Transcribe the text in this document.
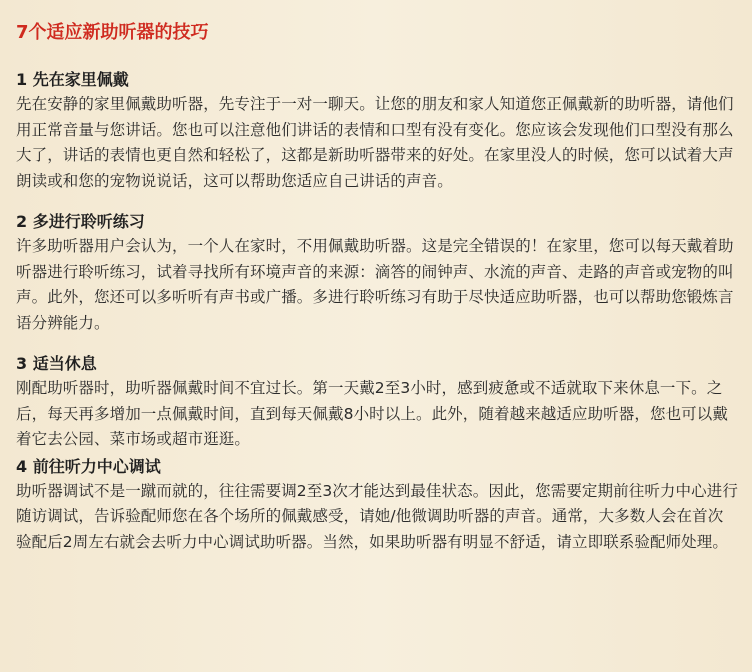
7个适应新助听器的技巧

1 先在家里佩戴

先在安静的家里佩戴助听器，先专注于一对一聊天。让您的朋友和家人知道您正佩戴新的助听器，请他们用正常音量与您讲话。您也可以注意他们讲话的表情和口型有没有变化。您应该会发现他们口型没有那么大了，讲话的表情也更自然和轻松了，这都是新助听器带来的好处。在家里没人的时候，您可以试着大声朗读或和您的宠物说说话，这可以帮助您适应自己讲话的声音。

2 多进行聆听练习

许多助听器用户会认为，一个人在家时，不用佩戴助听器。这是完全错误的！在家里，您可以每天戴着助听器进行聆听练习，试着寻找所有环境声音的来源：滴答的闹钟声、水流的声音、走路的声音或宠物的叫声。此外，您还可以多听听有声书或广播。多进行聆听练习有助于尽快适应助听器，也可以帮助您锻炼言语分辨能力。

3 适当休息

刚配助听器时，助听器佩戴时间不宜过长。第一天戴2至3小时，感到疲惫或不适就取下来休息一下。之后，每天再多增加一点佩戴时间，直到每天佩戴8小时以上。此外，随着越来越适应助听器，您也可以戴着它去公园、菜市场或超市逛逛。

4 前往听力中心调试

助听器调试不是一蹴而就的，往往需要调2至3次才能达到最佳状态。因此，您需要定期前往听力中心进行随访调试，告诉验配师您在各个场所的佩戴感受，请她/他微调助听器的声音。通常，大多数人会在首次验配后2周左右就会去听力中心调试助听器。当然，如果助听器有明显不舒适，请立即联系验配师处理。
